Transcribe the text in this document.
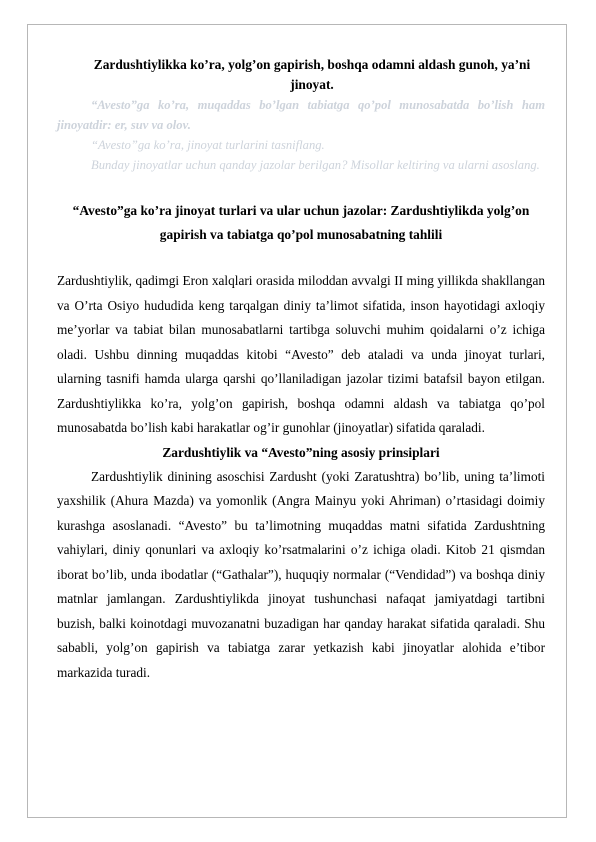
Zardushtiylikka ko’ra, yolg’on gapirish, boshqa odamni aldash gunoh, ya’ni jinoyat.

“Avesto”ga ko’ra, muqaddas bo’lgan tabiatga qo’pol munosabatda bo’lish ham jinoyatdir: er, suv va olov.

“Avesto”ga ko’ra, jinoyat turlarini tasniflang.

Bunday jinoyatlar uchun qanday jazolar berilgan? Misollar keltiring va ularni asoslang.

“Avesto”ga ko’ra jinoyat turlari va ular uchun jazolar: Zardushtiylikda yolg’on gapirish va tabiatga qo’pol munosabatning tahlili

Zardushtiylik, qadimgi Eron xalqlari orasida miloddan avvalgi II ming yillikda shakllangan va O’rta Osiyo hududida keng tarqalgan diniy ta’limot sifatida, inson hayotidagi axloqiy me’yorlar va tabiat bilan munosabatlarni tartibga soluvchi muhim qoidalarni o’z ichiga oladi. Ushbu dinning muqaddas kitobi “Avesto” deb ataladi va unda jinoyat turlari, ularning tasnifi hamda ularga qarshi qo’llaniladigan jazolar tizimi batafsil bayon etilgan. Zardushtiylikka ko’ra, yolg’on gapirish, boshqa odamni aldash va tabiatga qo’pol munosabatda bo’lish kabi harakatlar og’ir gunohlar (jinoyatlar) sifatida qaraladi.

Zardushtiylik va “Avesto”ning asosiy prinsiplari

Zardushtiylik dinining asoschisi Zardusht (yoki Zaratushtra) bo’lib, uning ta’limoti yaxshilik (Ahura Mazda) va yomonlik (Angra Mainyu yoki Ahriman) o’rtasidagi doimiy kurashga asoslanadi. “Avesto” bu ta’limotning muqaddas matni sifatida Zardushtning vahiylari, diniy qonunlari va axloqiy ko’rsatmalarini o’z ichiga oladi. Kitob 21 qismdan iborat bo’lib, unda ibodatlar (“Gathalar”), huquqiy normalar (“Vendidad”) va boshqa diniy matnlar jamlangan. Zardushtiylikda jinoyat tushunchasi nafaqat jamiyatdagi tartibni buzish, balki koinotdagi muvozanatni buzadigan har qanday harakat sifatida qaraladi. Shu sababli, yolg’on gapirish va tabiatga zarar yetkazish kabi jinoyatlar alohida e’tibor markazida turadi.
